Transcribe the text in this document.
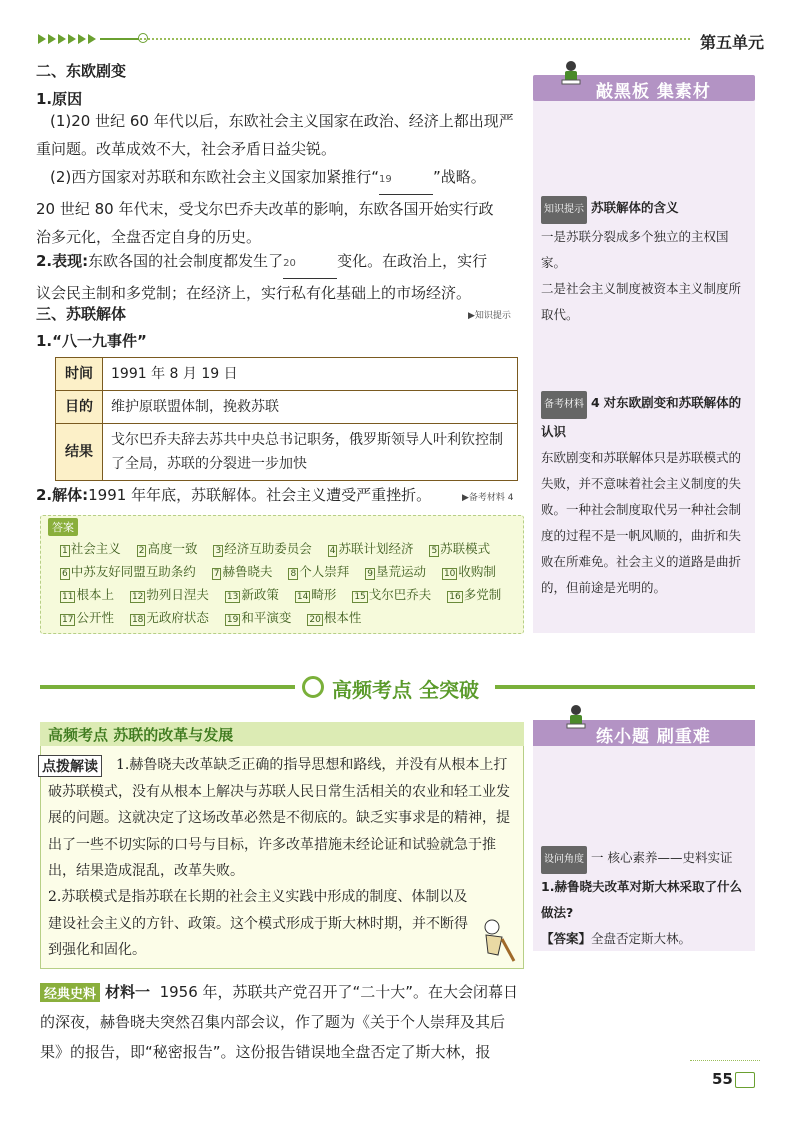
第五单元
二、东欧剧变
1.原因
(1)20 世纪 60 年代以后，东欧社会主义国家在政治、经济上都出现严
重问题。改革成效不大，社会矛盾日益尖锐。
(2)西方国家对苏联和东欧社会主义国家加紧推行“19	”战略。
20 世纪 80 年代末，受戈尔巴乔夫改革的影响，东欧各国开始实行政
治多元化，全盘否定自身的历史。
2.表现:东欧各国的社会制度都发生了20	变化。在政治上，实行
议会民主制和多党制；在经济上，实行私有化基础上的市场经济。
三、苏联解体	▶知识提示
1.“八一九事件”
时间	1991 年 8 月 19 日
目的	维护原联盟体制，挽救苏联
结果	戈尔巴乔夫辞去苏共中央总书记职务，俄罗斯领导人叶利钦控制了全局，苏联的分裂进一步加快
2.解体:1991 年年底，苏联解体。社会主义遭受严重挫折。	▶备考材料 4
答案
1 社会主义 2 高度一致 3 经济互助委员会 4 苏联计划经济 5 苏联模式 6 中苏友好同盟互助条约 7 赫鲁晓夫 8 个人崇拜 9 垦荒运动 10 收购制 11 根本上 12 勃列日涅夫 13 新政策 14 畸形 15 戈尔巴乔夫 16 多党制 17 公开性 18 无政府状态 19 和平演变 20 根本性
敲黑板 集素材
知识提示 苏联解体的含义
一是苏联分裂成多个独立的主权国家。
二是社会主义制度被资本主义制度所取代。
备考材料 4 对东欧剧变和苏联解体的认识
东欧剧变和苏联解体只是苏联模式的失败，并不意味着社会主义制度的失败。一种社会制度取代另一种社会制度的过程不是一帆风顺的，曲折和失败在所难免。社会主义的道路是曲折的，但前途是光明的。
高频考点 全突破
高频考点 苏联的改革与发展
点拨解读	1.赫鲁晓夫改革缺乏正确的指导思想和路线，并没有从根本上打破苏联模式，没有从根本上解决与苏联人民日常生活相关的农业和轻工业发展的问题。这就决定了这场改革必然是不彻底的。缺乏实事求是的精神，提出了一些不切实际的口号与目标，许多改革措施未经论证和试验就急于推出，结果造成混乱，改革失败。
2.苏联模式是指苏联在长期的社会主义实践中形成的制度、体制以及建设社会主义的方针、政策。这个模式形成于斯大林时期，并不断得到强化和固化。
经典史料 材料一 1956 年，苏联共产党召开了“二十大”。在大会闭幕日的深夜，赫鲁晓夫突然召集内部会议，作了题为《关于个人崇拜及其后果》的报告，即“秘密报告”。这份报告错误地全盘否定了斯大林，报
练小题 刷重难
设问角度 一 核心素养——史料实证
1.赫鲁晓夫改革对斯大林采取了什么做法?
【答案】全盘否定斯大林。
55
